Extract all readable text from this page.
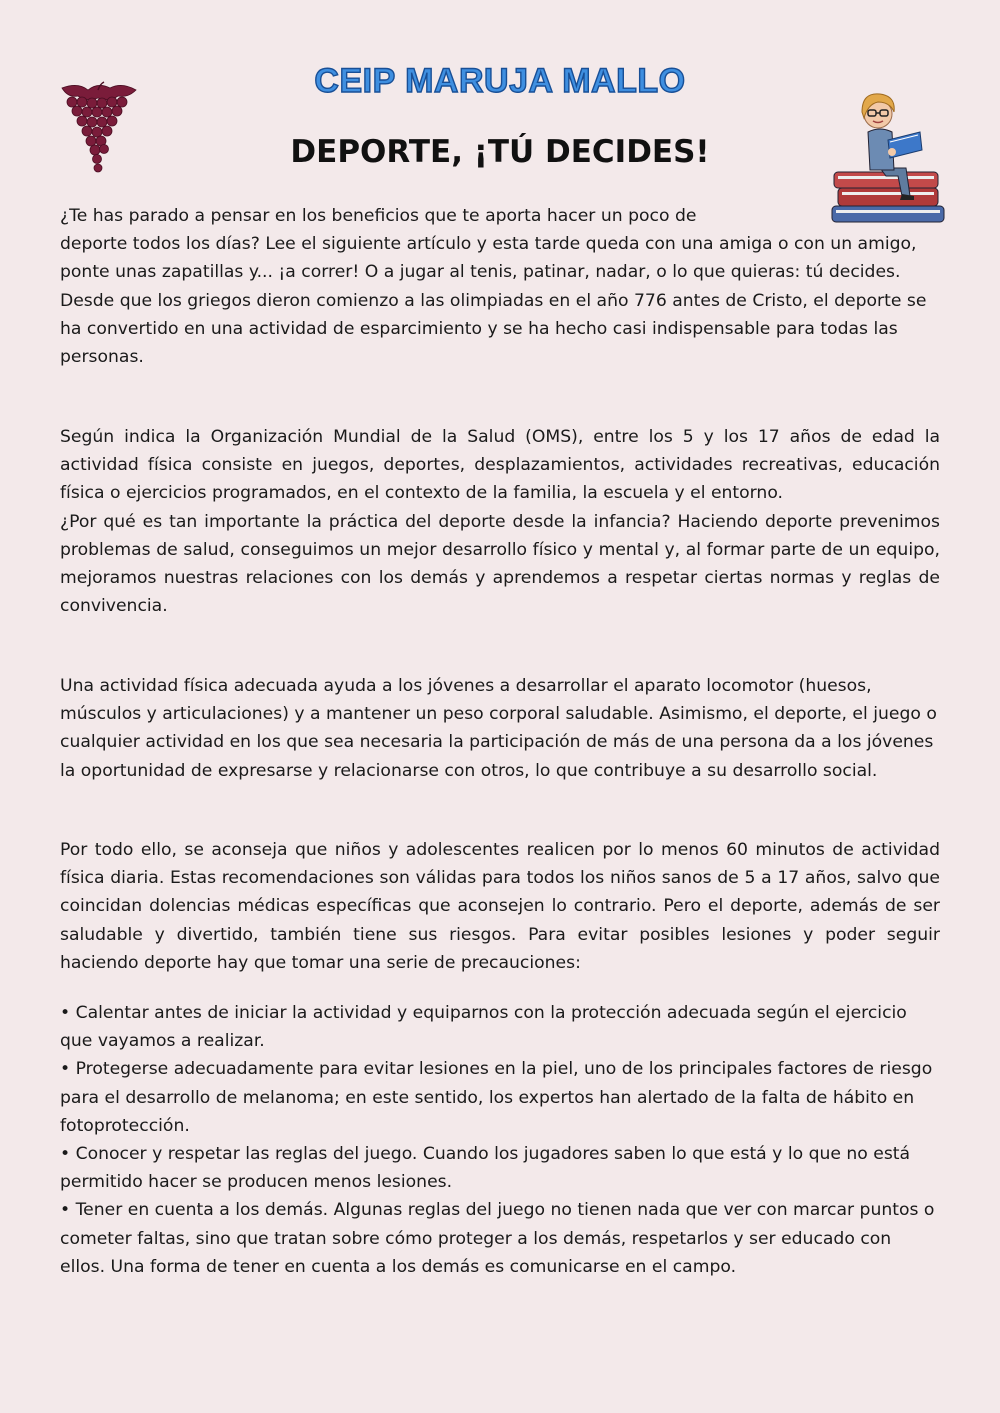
CEIP MARUJA MALLO
DEPORTE, ¡TÚ DECIDES!

¿Te has parado a pensar en los beneficios que te aporta hacer un poco de

deporte todos los días? Lee el siguiente artículo y esta tarde queda con una amiga o con un amigo, ponte unas zapatillas y... ¡a correr! O a jugar al tenis, patinar, nadar, o lo que quieras: tú decides.

Desde que los griegos dieron comienzo a las olimpiadas en el año 776 antes de Cristo, el deporte se ha convertido en una actividad de esparcimiento y se ha hecho casi indispensable para todas las personas.

Según indica la Organización Mundial de la Salud (OMS), entre los 5 y los 17 años de edad la actividad física consiste en juegos, deportes, desplazamientos, actividades recreativas, educación física o ejercicios programados, en el contexto de la familia, la escuela y el entorno.

¿Por qué es tan importante la práctica del deporte desde la infancia? Haciendo deporte prevenimos problemas de salud, conseguimos un mejor desarrollo físico y mental y, al formar parte de un equipo, mejoramos nuestras relaciones con los demás y aprendemos a respetar ciertas normas y reglas de convivencia.

Una actividad física adecuada ayuda a los jóvenes a desarrollar el aparato locomotor (huesos, músculos y articulaciones) y a mantener un peso corporal saludable. Asimismo, el deporte, el juego o cualquier actividad en los que sea necesaria la participación de más de una persona da a los jóvenes la oportunidad de expresarse y relacionarse con otros, lo que contribuye a su desarrollo social.

Por todo ello, se aconseja que niños y adolescentes realicen por lo menos 60 minutos de actividad física diaria. Estas recomendaciones son válidas para todos los niños sanos de 5 a 17 años, salvo que coincidan dolencias médicas específicas que aconsejen lo contrario. Pero el deporte, además de ser saludable y divertido, también tiene sus riesgos. Para evitar posibles lesiones y poder seguir haciendo deporte hay que tomar una serie de precauciones:

• Calentar antes de iniciar la actividad y equiparnos con la protección adecuada según el ejercicio que vayamos a realizar.

• Protegerse adecuadamente para evitar lesiones en la piel, uno de los principales factores de riesgo para el desarrollo de melanoma; en este sentido, los expertos han alertado de la falta de hábito en fotoprotección.

• Conocer y respetar las reglas del juego. Cuando los jugadores saben lo que está y lo que no está permitido hacer se producen menos lesiones.

• Tener en cuenta a los demás. Algunas reglas del juego no tienen nada que ver con marcar puntos o cometer faltas, sino que tratan sobre cómo proteger a los demás, respetarlos y ser educado con ellos. Una forma de tener en cuenta a los demás es comunicarse en el campo.
